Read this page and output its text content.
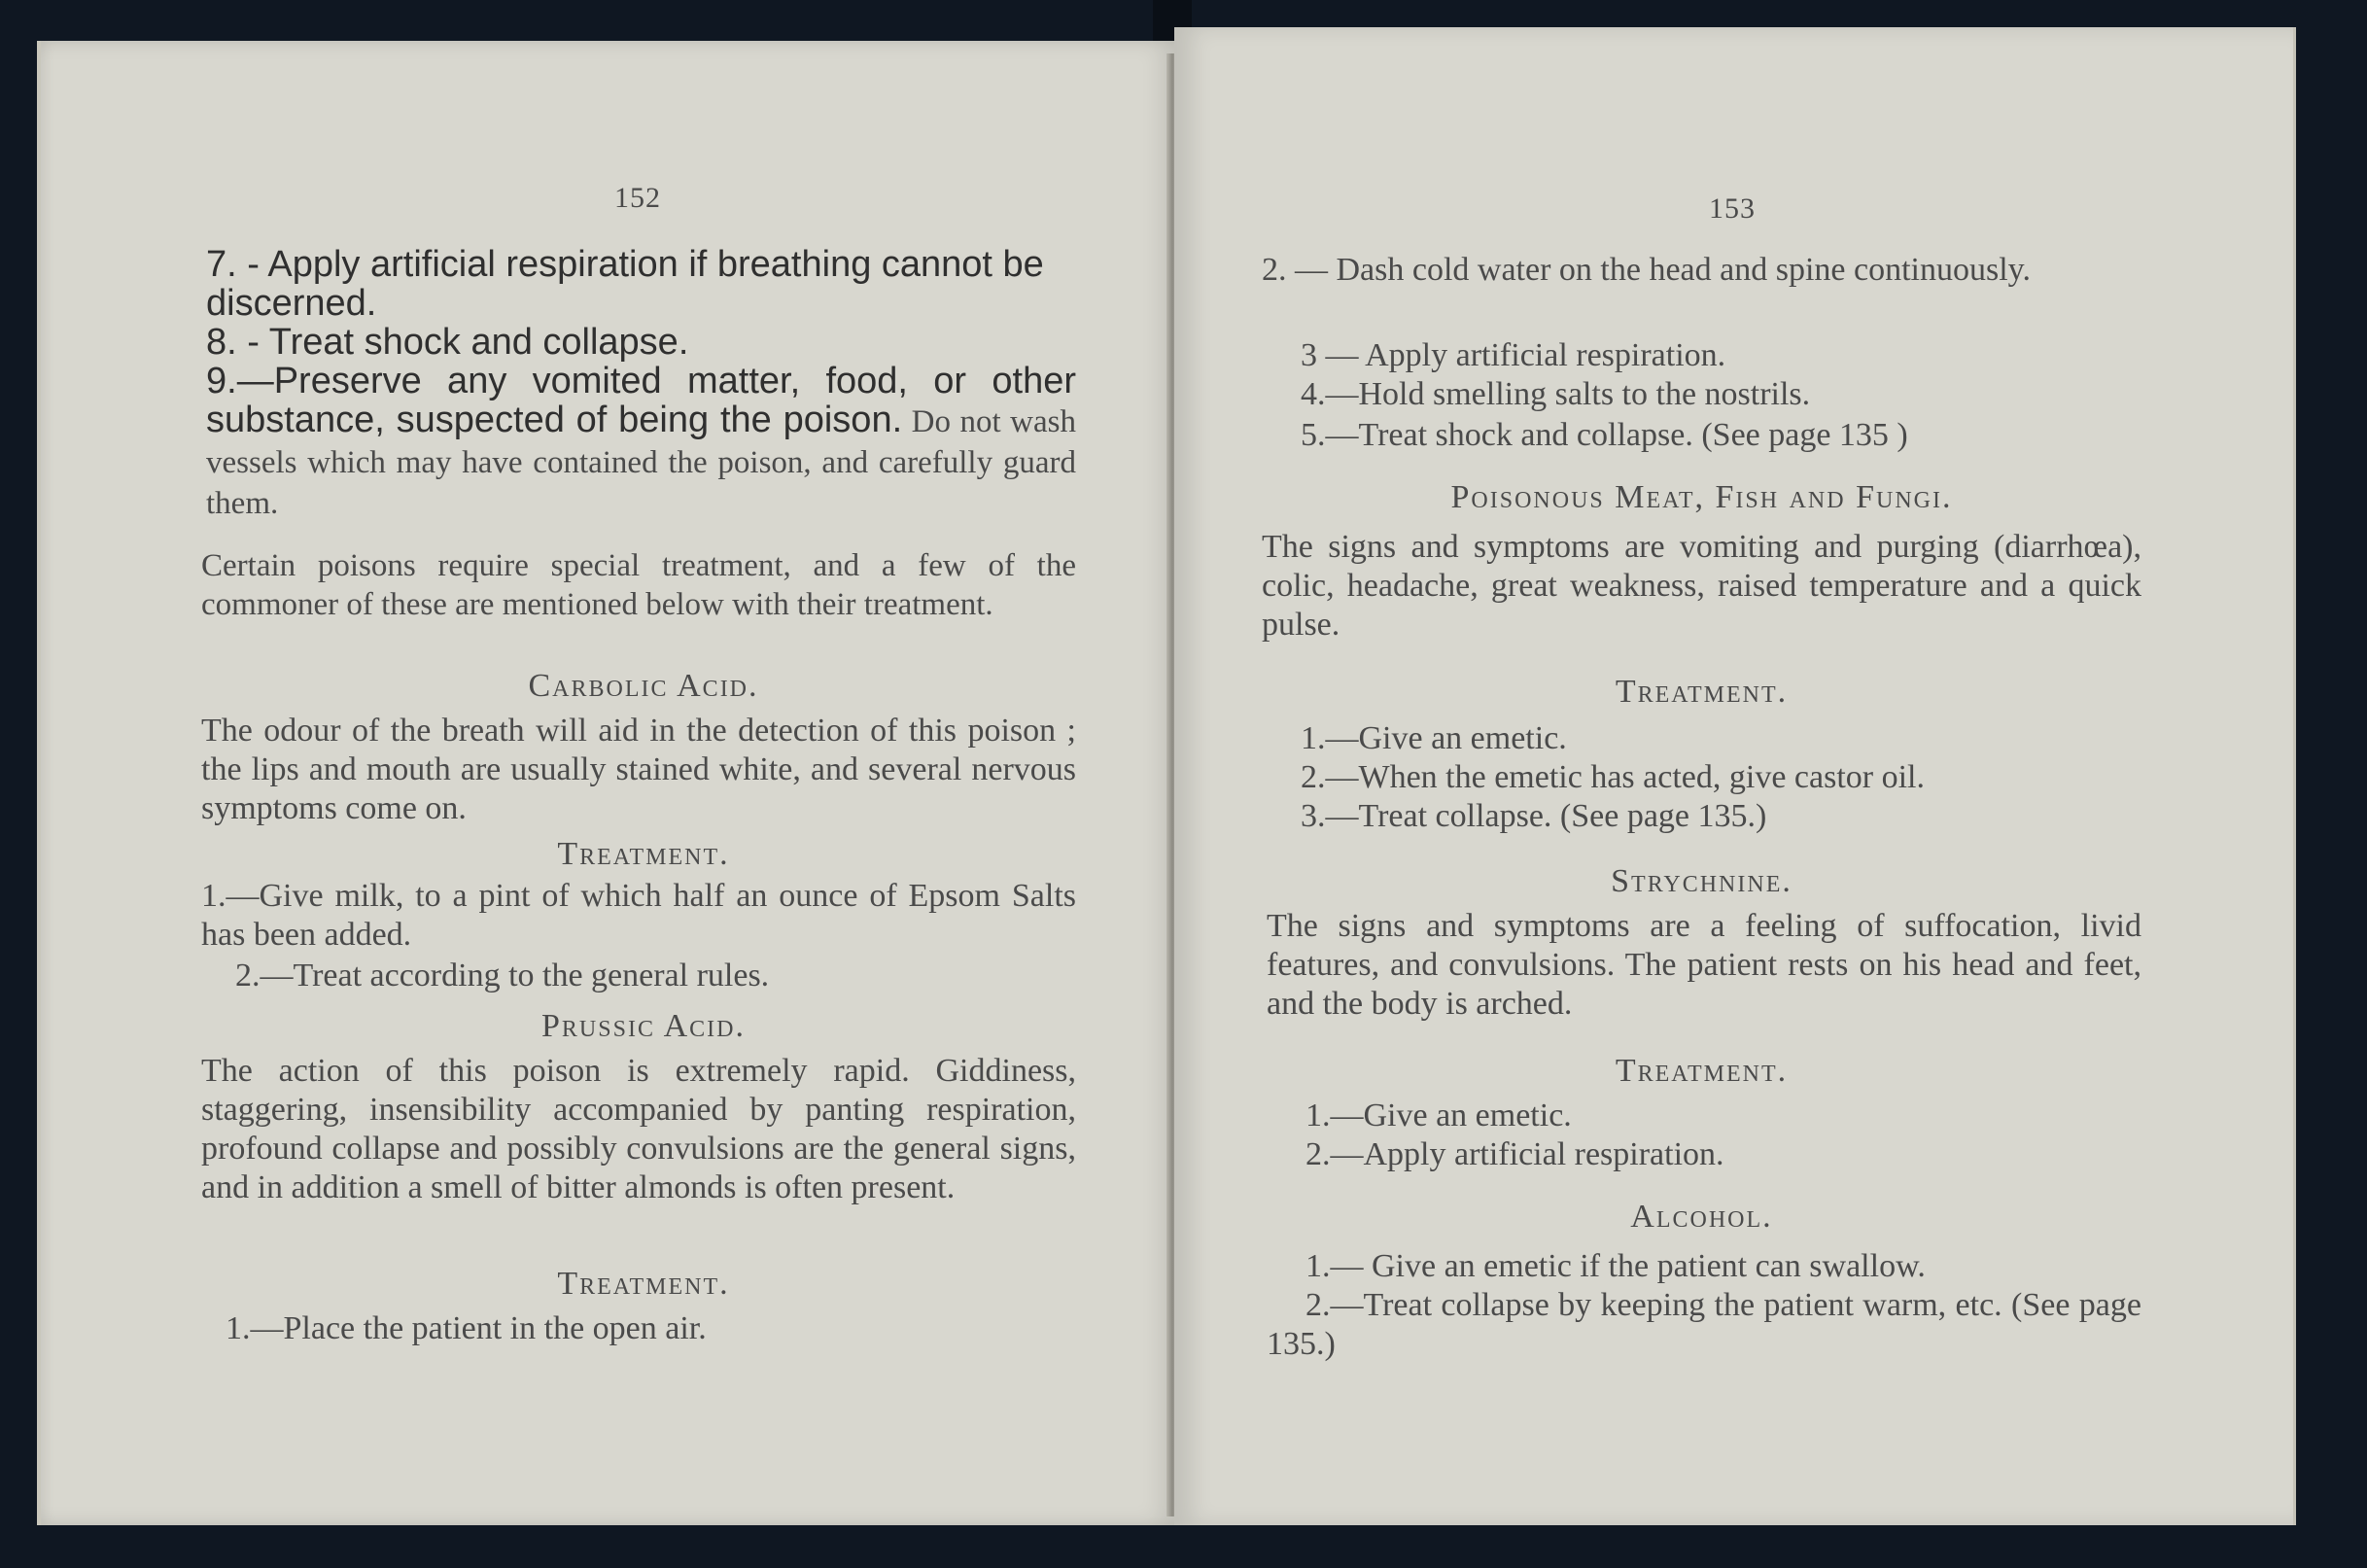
152
7. - Apply artificial respiration if breathing cannot be discerned.
8. - Treat shock and collapse.
9.—Preserve any vomited matter, food, or other substance, suspected of being the poison. Do not wash vessels which may have contained the poison, and carefully guard them.
Certain poisons require special treatment, and a few of the commoner of these are mentioned below with their treatment.
Carbolic Acid.
The odour of the breath will aid in the detection of this poison ; the lips and mouth are usually stained white, and several nervous symptoms come on.
Treatment.
1.—Give milk, to a pint of which half an ounce of Epsom Salts has been added.
2.—Treat according to the general rules.
Prussic Acid.
The action of this poison is extremely rapid. Giddiness, staggering, insensibility accompanied by panting respiration, profound collapse and possibly convulsions are the general signs, and in addition a smell of bitter almonds is often present.
Treatment.
1.—Place the patient in the open air.
153
2. — Dash cold water on the head and spine continuously.
3 — Apply artificial respiration.
4.—Hold smelling salts to the nostrils.
5.—Treat shock and collapse. (See page 135 )
Poisonous Meat, Fish and Fungi.
The signs and symptoms are vomiting and purging (diarrhœa), colic, headache, great weakness, raised temperature and a quick pulse.
Treatment.
1.—Give an emetic.
2.—When the emetic has acted, give castor oil.
3.—Treat collapse. (See page 135.)
Strychnine.
The signs and symptoms are a feeling of suffocation, livid features, and convulsions. The patient rests on his head and feet, and the body is arched.
Treatment.
1.—Give an emetic.
2.—Apply artificial respiration.
Alcohol.
1.— Give an emetic if the patient can swallow.
2.—Treat collapse by keeping the patient warm, etc. (See page 135.)
